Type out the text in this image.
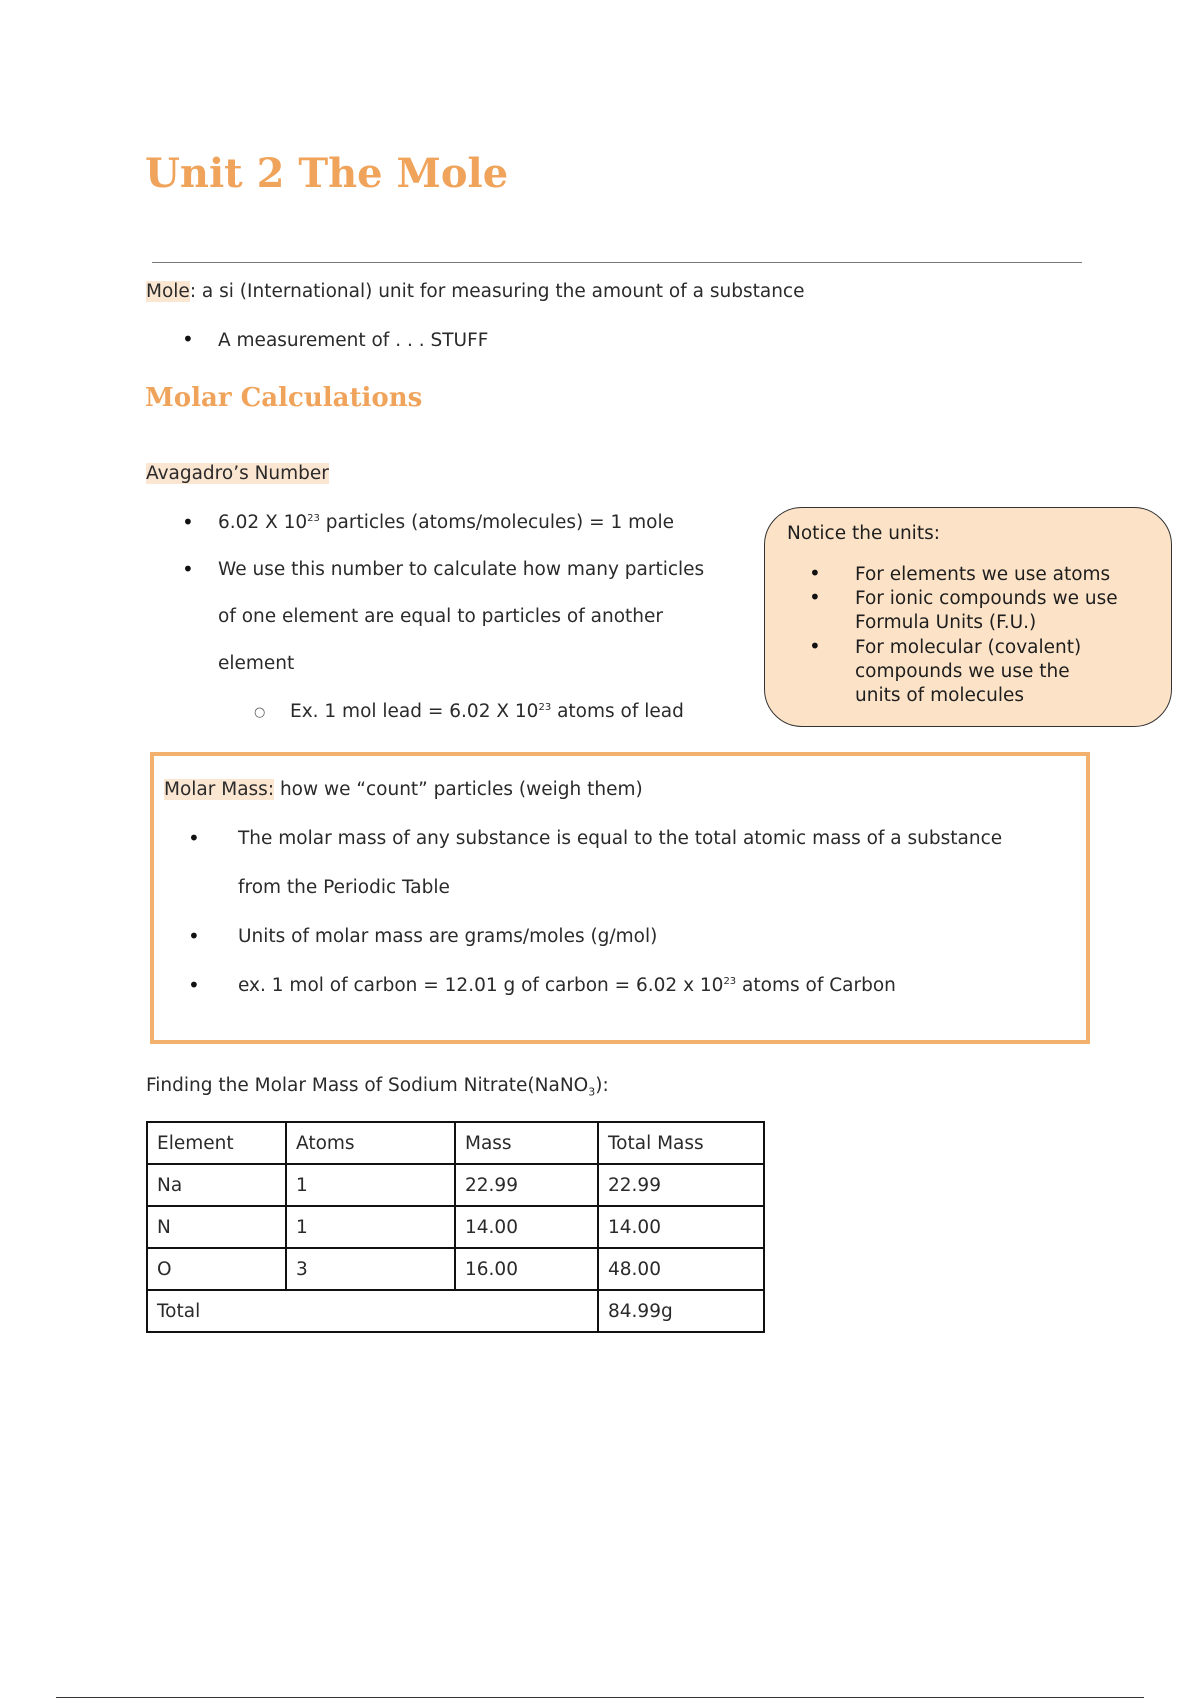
Unit 2 The Mole
Mole: a si (International) unit for measuring the amount of a substance
• A measurement of . . . STUFF
Molar Calculations
Avagadro’s Number
• 6.02 X $10^{23}$ particles (atoms/molecules) = 1 mole
• We use this number to calculate how many particles
of one element are equal to particles of another
element
○ Ex. 1 mol lead = 6.02 X $10^{23}$ atoms of lead
Notice the units:
• For elements we use atoms
• For ionic compounds we use
Formula Units (F.U.)
• For molecular (covalent)
compounds we use the
units of molecules
Molar Mass: how we “count” particles (weigh them)
• The molar mass of any substance is equal to the total atomic mass of a substance
from the Periodic Table
• Units of molar mass are grams/moles (g/mol)
• ex. 1 mol of carbon = 12.01 g of carbon = 6.02 x $10^{23}$ atoms of Carbon
Finding the Molar Mass of Sodium Nitrate(NaNO$_3$):
Element	Atoms	Mass	Total Mass
Na	1	22.99	22.99
N	1	14.00	14.00
O	3	16.00	48.00
Total			84.99g
